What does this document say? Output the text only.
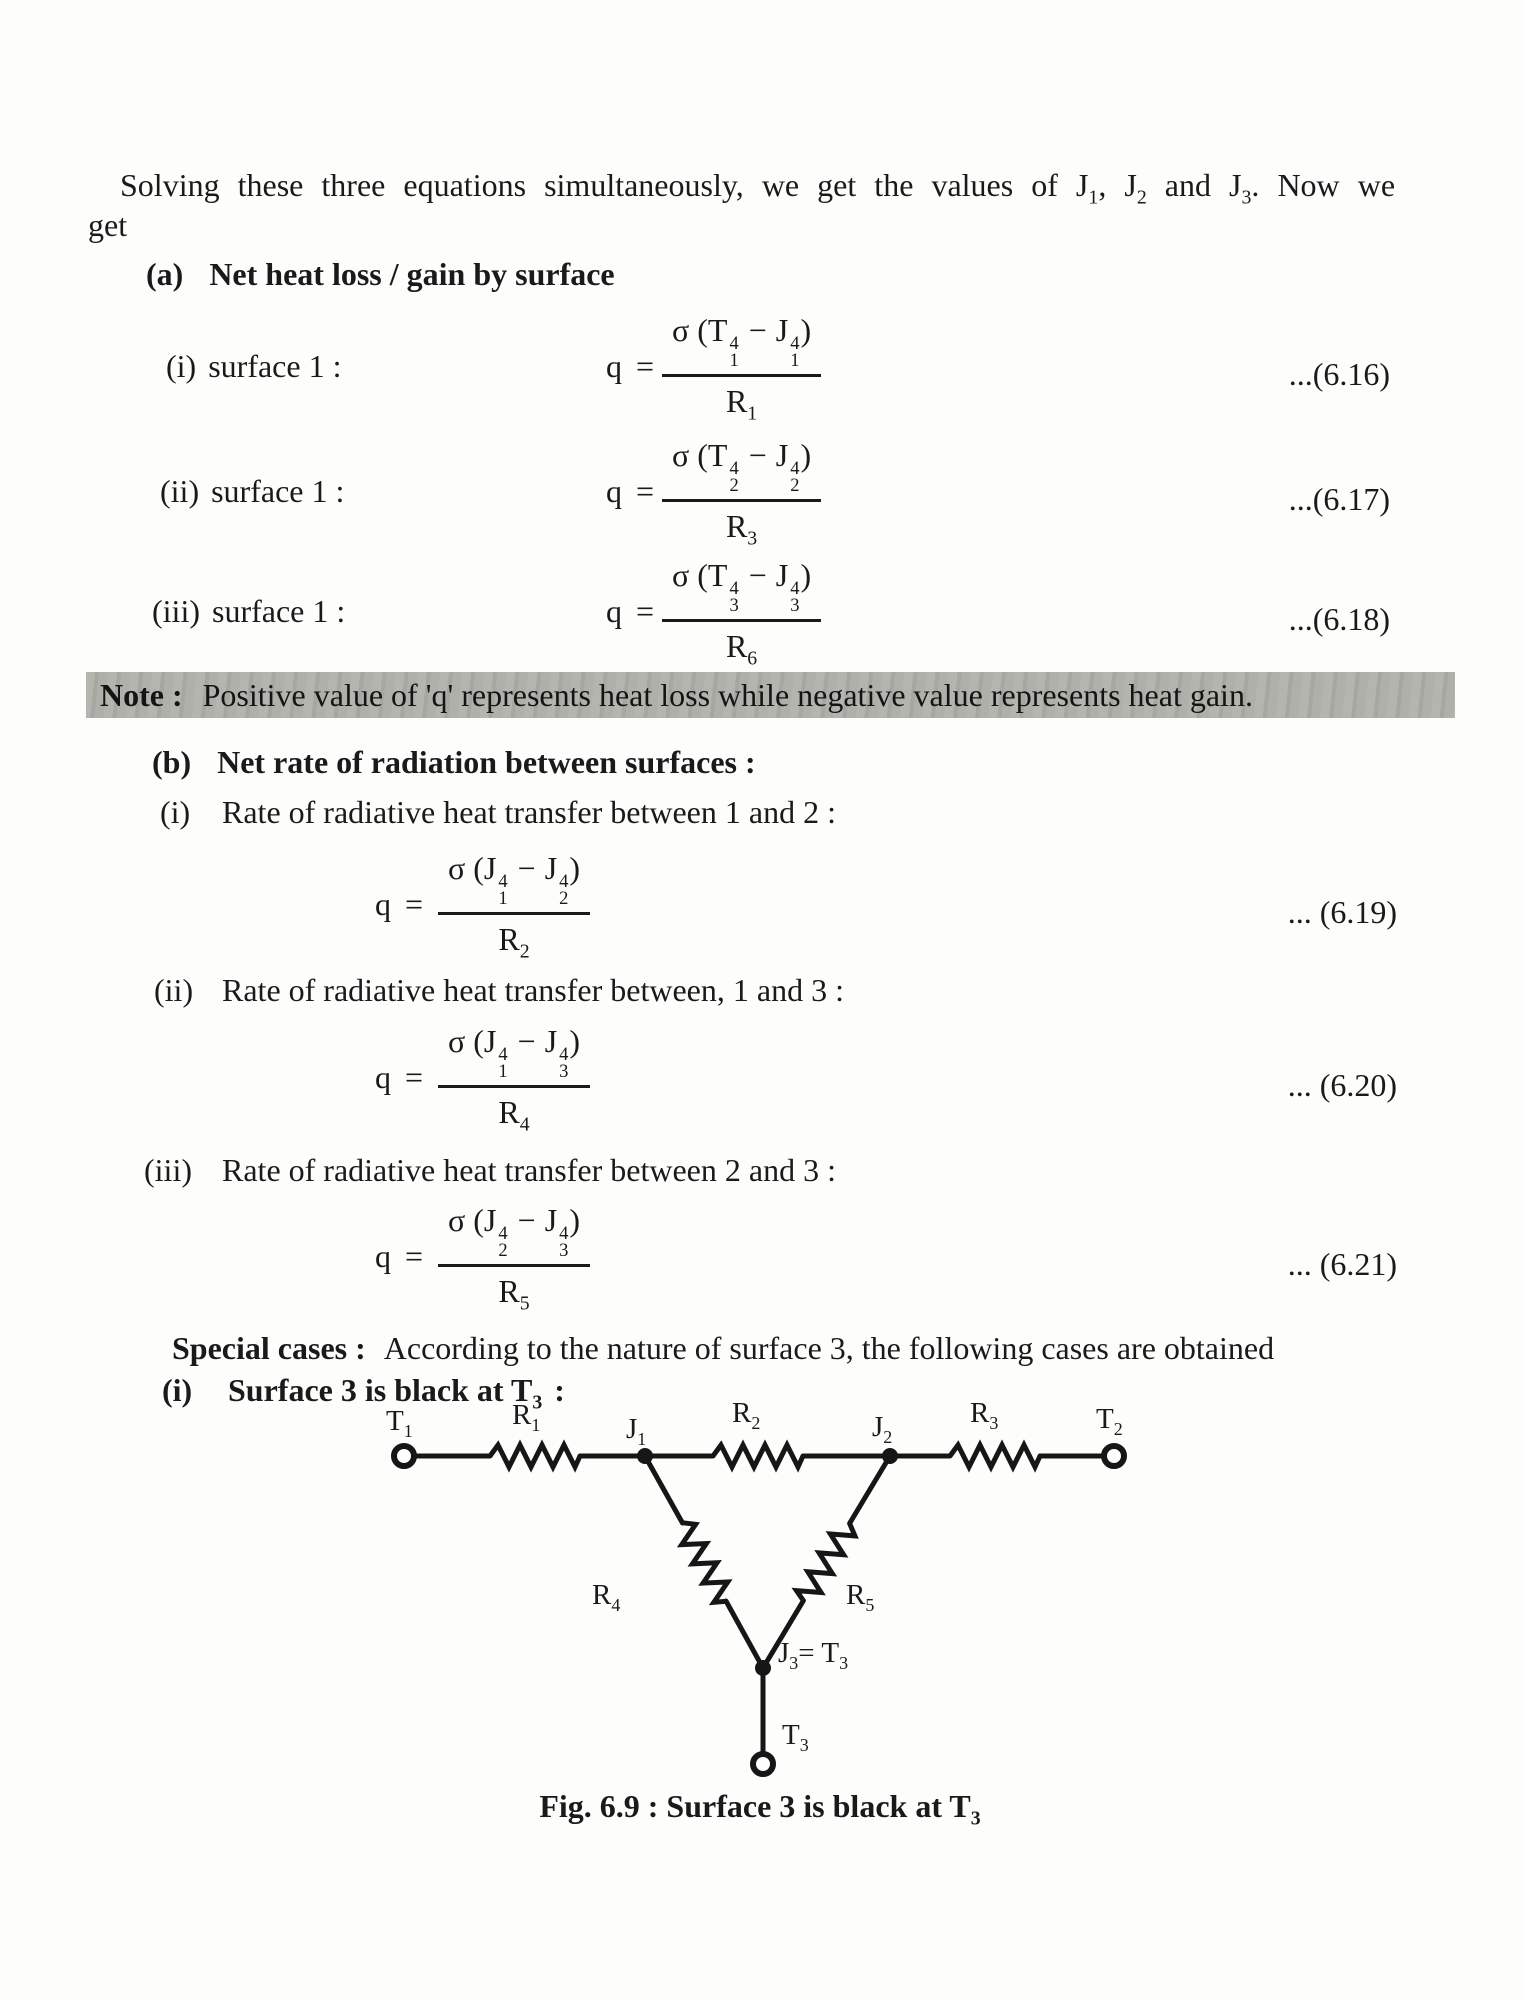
Solving these three equations simultaneously, we get the values of $J_1$, $J_2$ and $J_3$. Now we
get
(a) Net heat loss / gain by surface
(i) surface 1 :	q = σ (T 4
1
− J 4
1
)
$R_1$	...(6.16)
(ii) surface 1 :	q = σ (T 4
2
− J 4
2
)
$R_3$	...(6.17)
(iii) surface 1 :	q = σ (T 4
3
− J 4
3
)
$R_6$	...(6.18)
Note : Positive value of 'q' represents heat loss while negative value represents heat gain.
(b) Net rate of radiation between surfaces :
(i) Rate of radiative heat transfer between 1 and 2 :
q = σ (J 4
1
− J 4
2
)
$R_2$	... (6.19)
(ii) Rate of radiative heat transfer between, 1 and 3 :
q = σ (J 4
1
− J 4
3
)
$R_4$	... (6.20)
(iii) Rate of radiative heat transfer between 2 and 3 :
q = σ (J 4
2
− J 4
3
)
$R_5$	... (6.21)
Special cases : According to the nature of surface 3, the following cases are obtained
(i) Surface 3 is black at $T_3$ :
$T_1$	$R_1$	$J_1$
$R_2$	$J_2$
$R_3$	$T_2$
$R_4$	$R_5$
$J_3= T_3$
$T_3$
Fig. 6.9 : Surface 3 is black at $T_3$
